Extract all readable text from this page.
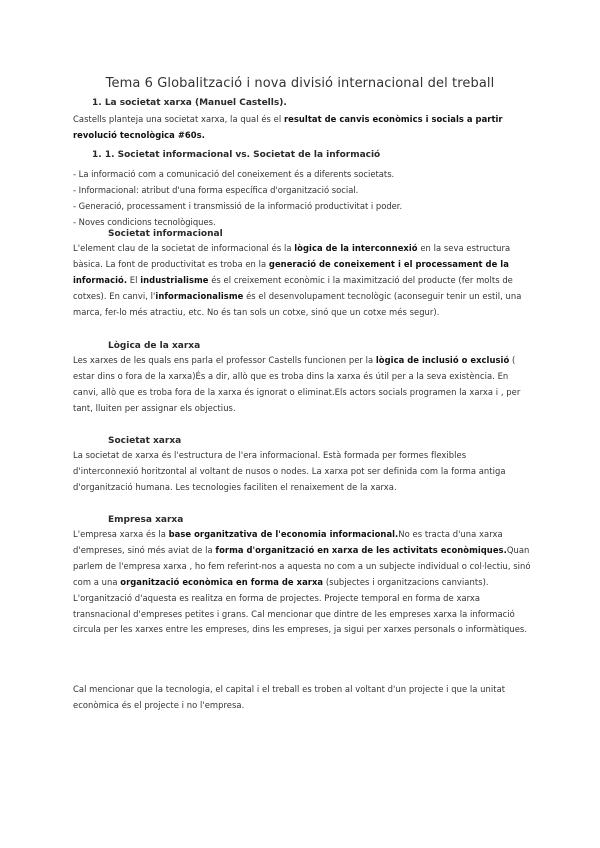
Tema 6 Globalització i nova divisió internacional del treball
1. La societat xarxa (Manuel Castells).

Castells planteja una societat xarxa, la qual és el resultat de canvis econòmics i socials a partir revolució tecnològica #60s.

1. 1. Societat informacional vs. Societat de la informació
- La informació com a comunicació del coneixement és a diferents societats.
- Informacional: atribut d'una forma específica d'organització social.
- Generació, processament i transmissió de la informació productivitat i poder.
- Noves condicions tecnològiques.
Societat informacional

L'element clau de la societat de informacional és la lògica de la interconnexió en la seva estructura bàsica. La font de productivitat es troba en la generació de coneixement i el processament de la informació. El industrialisme és el creixement econòmic i la maximització del producte (fer molts de cotxes). En canvi, l'informacionalisme és el desenvolupament tecnològic (aconseguir tenir un estil, una marca, fer-lo més atractiu, etc. No és tan sols un cotxe, sinó que un cotxe més segur).

Lògica de la xarxa

Les xarxes de les quals ens parla el professor Castells funcionen per la lògica de inclusió o exclusió ( estar dins o fora de la xarxa)És a dir, allò que es troba dins la xarxa és útil per a la seva existència. En canvi, allò que es troba fora de la xarxa és ignorat o eliminat.Els actors socials programen la xarxa i , per tant, lluiten per assignar els objectius.

Societat xarxa

La societat de xarxa és l'estructura de l'era informacional. Està formada per formes flexibles d'interconnexió horitzontal al voltant de nusos o nodes. La xarxa pot ser definida com la forma antiga d'organització humana. Les tecnologies faciliten el renaixement de la xarxa.

Empresa xarxa

L'empresa xarxa és la base organitzativa de l'economia informacional.No es tracta d'una xarxa d'empreses, sinó més aviat de la forma d'organització en xarxa de les activitats econòmiques.Quan parlem de l'empresa xarxa , ho fem referint-nos a aquesta no com a un subjecte individual o col·lectiu, sinó com a una organització econòmica en forma de xarxa (subjectes i organitzacions canviants). L'organització d'aquesta es realitza en forma de projectes. Projecte temporal en forma de xarxa transnacional d'empreses petites i grans. Cal mencionar que dintre de les empreses xarxa la informació circula per les xarxes entre les empreses, dins les empreses, ja sigui per xarxes personals o informàtiques.

Cal mencionar que la tecnologia, el capital i el treball es troben al voltant d'un projecte i que la unitat econòmica és el projecte i no l'empresa.
